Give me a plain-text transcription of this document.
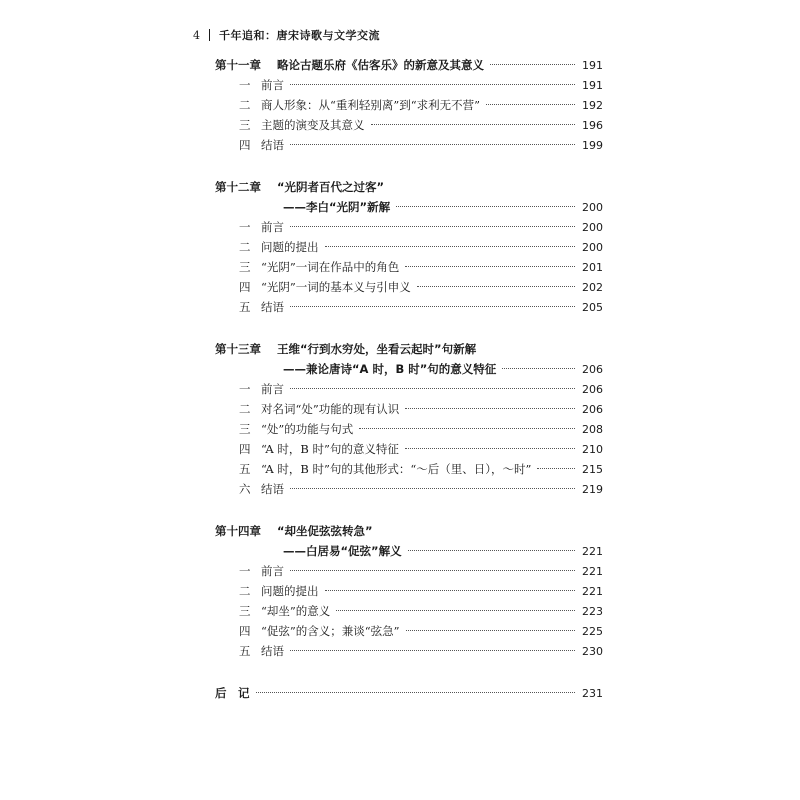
4 千年追和：唐宋诗歌与文学交流
第十一章 略论古题乐府《估客乐》的新意及其意义	191
一 前言	191
二 商人形象：从“重利轻别离”到“求利无不营”	192
三 主题的演变及其意义	196
四 结语	199
第十二章 “光阴者百代之过客”
——李白“光阴”新解	200
一 前言	200
二 问题的提出	200
三 “光阴”一词在作品中的角色	201
四 “光阴”一词的基本义与引申义	202
五 结语	205
第十三章 王维“行到水穷处，坐看云起时”句新解
——兼论唐诗“A 时，B 时”句的意义特征	206
一 前言	206
二 对名词“处”功能的现有认识	206
三 “处”的功能与句式	208
四 “A 时，B 时”句的意义特征	210
五 “A 时，B 时”句的其他形式：“～后（里、日），～时”	215
六 结语	219
第十四章 “却坐促弦弦转急”
——白居易“促弦”解义	221
一 前言	221
二 问题的提出	221
三 “却坐”的意义	223
四 “促弦”的含义；兼谈“弦急”	225
五 结语	230
后　记	231
